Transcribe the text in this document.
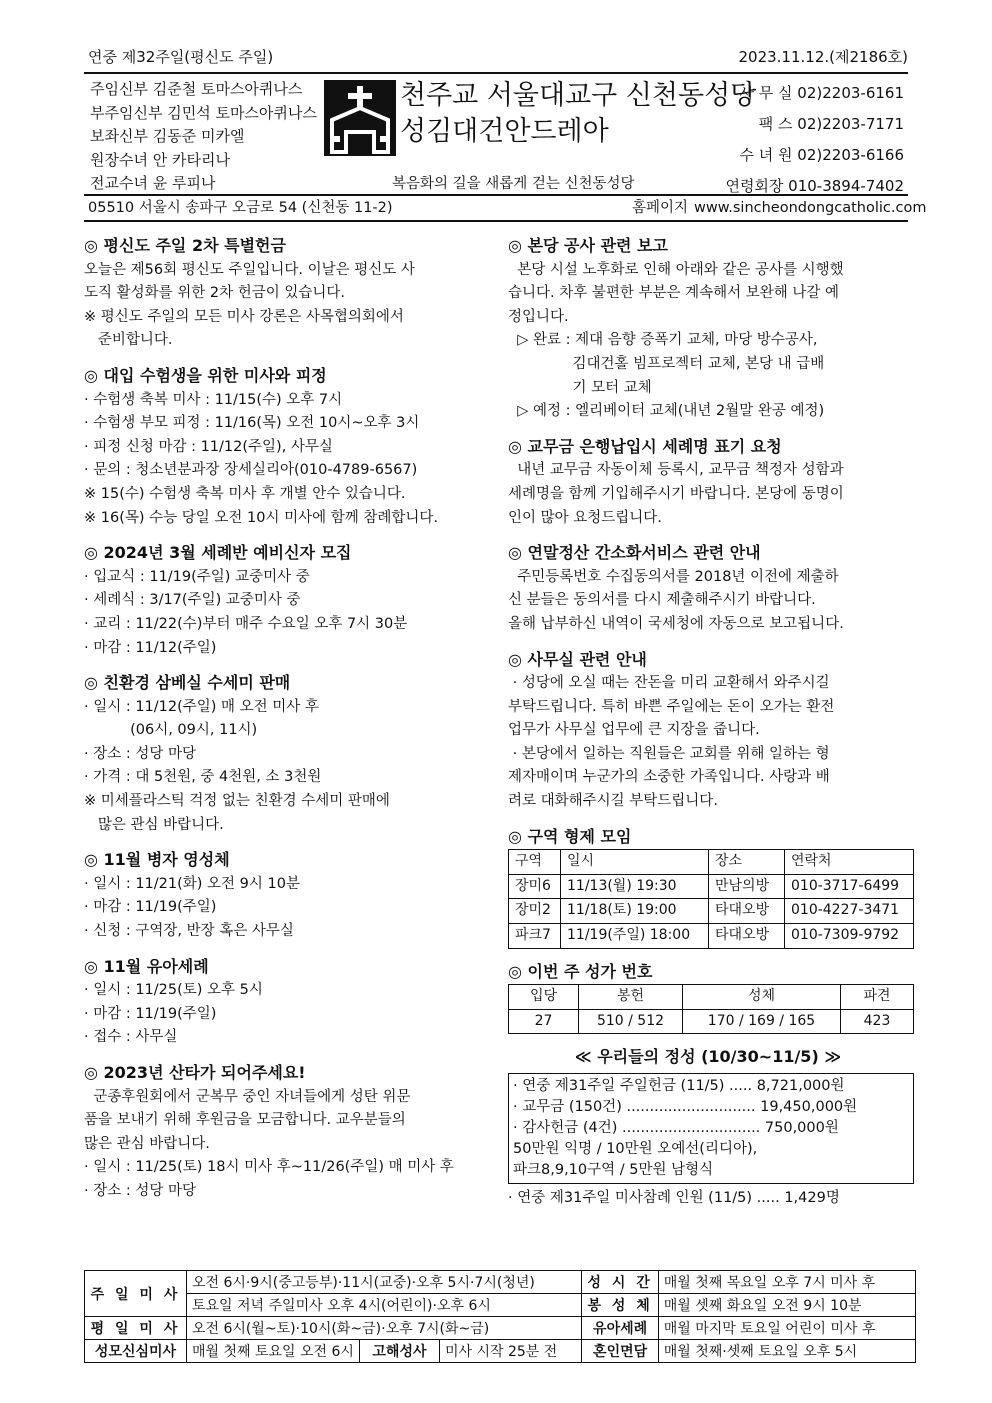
연중 제32주일(평신도 주일)	2023.11.12.(제2186호)
주임신부 김준철 토마스아퀴나스
부주임신부 김민석 토마스아퀴나스
보좌신부 김동준 미카엘
원장수녀 안 카타리나
전교수녀 윤 루피나
천주교 서울대교구 신천동성당
성김대건안드레아
복음화의 길을 새롭게 걷는 신천동성당
사 무 실 02)2203-6161
팩 스 02)2203-7171
수 녀 원 02)2203-6166
연령회장 010-3894-7402
05510 서울시 송파구 오금로 54 (신천동 11-2)	홈페이지 www.sincheondongcatholic.com
◎ 평신도 주일 2차 특별헌금
오늘은 제56회 평신도 주일입니다. 이날은 평신도 사
도직 활성화를 위한 2차 헌금이 있습니다.
※ 평신도 주일의 모든 미사 강론은 사목협의회에서
준비합니다.
◎ 대입 수험생을 위한 미사와 피정
· 수험생 축복 미사 : 11/15(수) 오후 7시
· 수험생 부모 피정 : 11/16(목) 오전 10시~오후 3시
· 피정 신청 마감 : 11/12(주일), 사무실
· 문의 : 청소년분과장 장세실리아(010-4789-6567)
※ 15(수) 수험생 축복 미사 후 개별 안수 있습니다.
※ 16(목) 수능 당일 오전 10시 미사에 함께 참례합니다.
◎ 2024년 3월 세례반 예비신자 모집
· 입교식 : 11/19(주일) 교중미사 중
· 세례식 : 3/17(주일) 교중미사 중
· 교리 : 11/22(수)부터 매주 수요일 오후 7시 30분
· 마감 : 11/12(주일)
◎ 친환경 삼베실 수세미 판매
· 일시 : 11/12(주일) 매 오전 미사 후
(06시, 09시, 11시)
· 장소 : 성당 마당
· 가격 : 대 5천원, 중 4천원, 소 3천원
※ 미세플라스틱 걱정 없는 친환경 수세미 판매에
많은 관심 바랍니다.
◎ 11월 병자 영성체
· 일시 : 11/21(화) 오전 9시 10분
· 마감 : 11/19(주일)
· 신청 : 구역장, 반장 혹은 사무실
◎ 11월 유아세례
· 일시 : 11/25(토) 오후 5시
· 마감 : 11/19(주일)
· 접수 : 사무실
◎ 2023년 산타가 되어주세요!
군종후원회에서 군복무 중인 자녀들에게 성탄 위문
품을 보내기 위해 후원금을 모금합니다. 교우분들의
많은 관심 바랍니다.
· 일시 : 11/25(토) 18시 미사 후~11/26(주일) 매 미사 후
· 장소 : 성당 마당
◎ 본당 공사 관련 보고
본당 시설 노후화로 인해 아래와 같은 공사를 시행했
습니다. 차후 불편한 부분은 계속해서 보완해 나갈 예
정입니다.
▷ 완료 : 제대 음향 증폭기 교체, 마당 방수공사,
김대건홀 빔프로젝터 교체, 본당 내 급배
기 모터 교체
▷ 예정 : 엘리베이터 교체(내년 2월말 완공 예정)
◎ 교무금 은행납입시 세례명 표기 요청
내년 교무금 자동이체 등록시, 교무금 책정자 성함과
세례명을 함께 기입해주시기 바랍니다. 본당에 동명이
인이 많아 요청드립니다.
◎ 연말정산 간소화서비스 관련 안내
주민등록번호 수집동의서를 2018년 이전에 제출하
신 분들은 동의서를 다시 제출해주시기 바랍니다.
올해 납부하신 내역이 국세청에 자동으로 보고됩니다.
◎ 사무실 관련 안내
· 성당에 오실 때는 잔돈을 미리 교환해서 와주시길
부탁드립니다. 특히 바쁜 주일에는 돈이 오가는 환전
업무가 사무실 업무에 큰 지장을 줍니다.
· 본당에서 일하는 직원들은 교회를 위해 일하는 형
제자매이며 누군가의 소중한 가족입니다. 사랑과 배
려로 대화해주시길 부탁드립니다.
◎ 구역 형제 모임
구역	일시	장소	연락처
장미6	11/13(월) 19:30	만남의방	010-3717-6499
장미2	11/18(토) 19:00	타대오방	010-4227-3471
파크7	11/19(주일) 18:00	타대오방	010-7309-9792
◎ 이번 주 성가 번호
입당	봉헌	성체	파견
27	510 / 512	170 / 169 / 165	423
≪ 우리들의 정성 (10/30~11/5) ≫
· 연중 제31주일 주일헌금 (11/5) ..... 8,721,000원
· 교무금 (150건) ............................ 19,450,000원
· 감사헌금 (4건) .............................. 750,000원
50만원 익명 / 10만원 오예선(리디아),
파크8,9,10구역 / 5만원 남형식
· 연중 제31주일 미사참례 인원 (11/5) ..... 1,429명
주 일 미 사	오전 6시·9시(중고등부)·11시(교중)·오후 5시·7시(청년)			성 시 간	매월 첫째 목요일 오후 7시 미사 후
	토요일 저녁 주일미사 오후 4시(어린이)·오후 6시			봉 성 체	매월 셋째 화요일 오전 9시 10분
평 일 미 사	오전 6시(월~토)·10시(화~금)·오후 7시(화~금)			유아세례	매월 마지막 토요일 어린이 미사 후
성모신심미사	매월 첫째 토요일 오전 6시	고해성사	미사 시작 25분 전	혼인면담	매월 첫째·셋째 토요일 오후 5시
